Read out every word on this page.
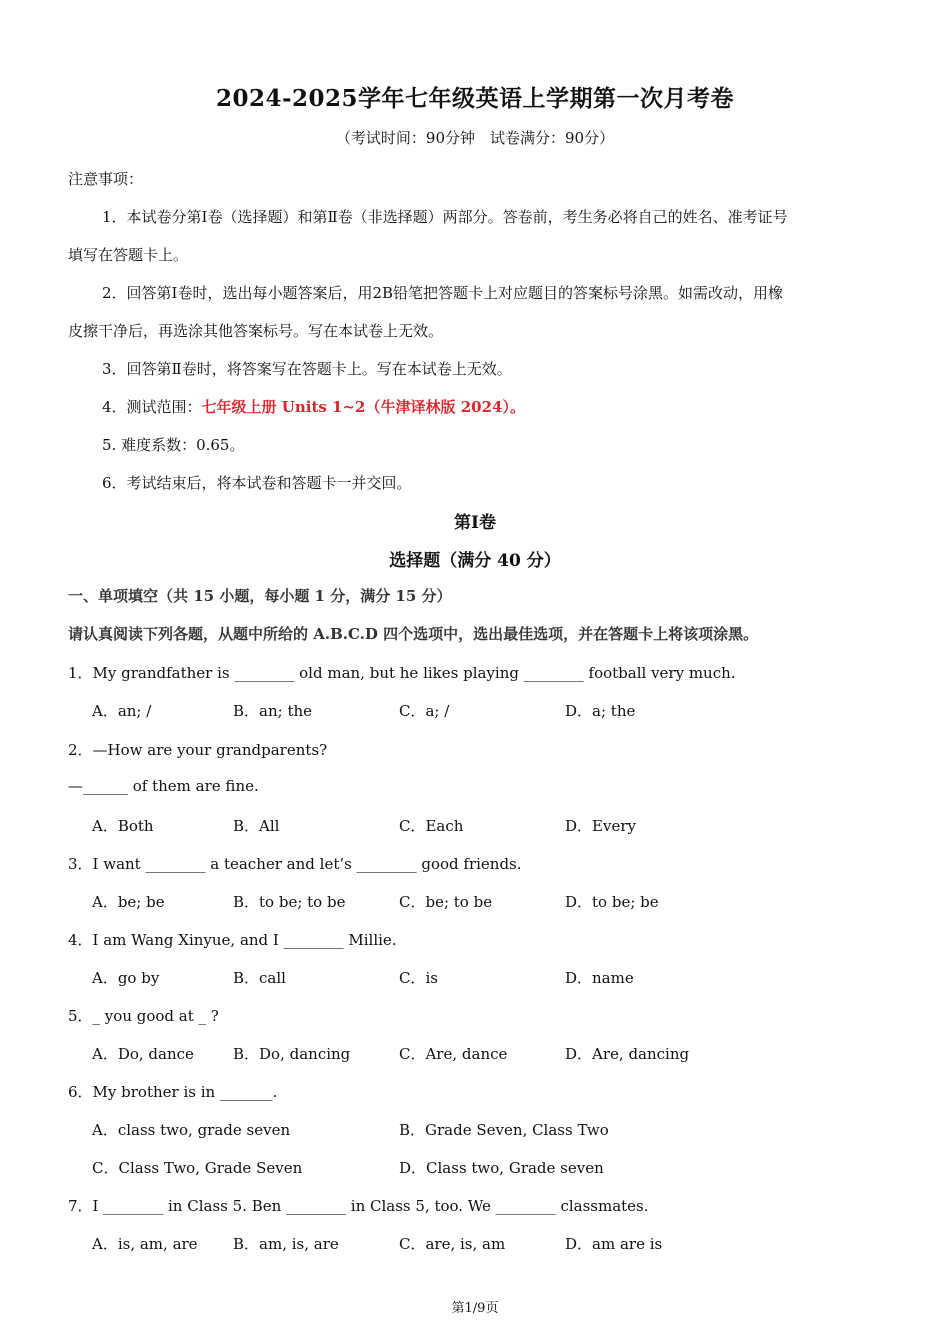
2024-2025学年七年级英语上学期第一次月考卷
（考试时间：90分钟　试卷满分：90分）
注意事项：
1．本试卷分第Ⅰ卷（选择题）和第Ⅱ卷（非选择题）两部分。答卷前，考生务必将自己的姓名、准考证号
填写在答题卡上。
2．回答第Ⅰ卷时，选出每小题答案后，用2B铅笔把答题卡上对应题目的答案标号涂黑。如需改动，用橡
皮擦干净后，再选涂其他答案标号。写在本试卷上无效。
3．回答第Ⅱ卷时，将答案写在答题卡上。写在本试卷上无效。
4．测试范围：七年级上册 Units 1~2（牛津译林版 2024）。
5. 难度系数：0.65。
6．考试结束后，将本试卷和答题卡一并交回。
第Ⅰ卷
选择题（满分 40 分）
一、单项填空（共 15 小题，每小题 1 分，满分 15 分）
请认真阅读下列各题，从题中所给的 A.B.C.D 四个选项中，选出最佳选项，并在答题卡上将该项涂黑。
1．My grandfather is ________ old man, but he likes playing ________ football very much.
A．an; /	B．an; the	C．a; /	D．a; the
2．—How are your grandparents?
—______ of them are fine.
A．Both	B．All	C．Each	D．Every
3．I want ________ a teacher and let’s ________ good friends.
A．be; be	B．to be; to be	C．be; to be	D．to be; be
4．I am Wang Xinyue, and I ________ Millie.
A．go by	B．call	C．is	D．name
5．_ you good at _ ?
A．Do, dance	B．Do, dancing	C．Are, dance	D．Are, dancing
6．My brother is in _______.
A．class two, grade seven	B．Grade Seven, Class Two
C．Class Two, Grade Seven	D．Class two, Grade seven
7．I ________ in Class 5. Ben ________ in Class 5, too. We ________ classmates.
A．is, am, are B．am, is, are	C．are, is, am	D．am are is
第1/9页
